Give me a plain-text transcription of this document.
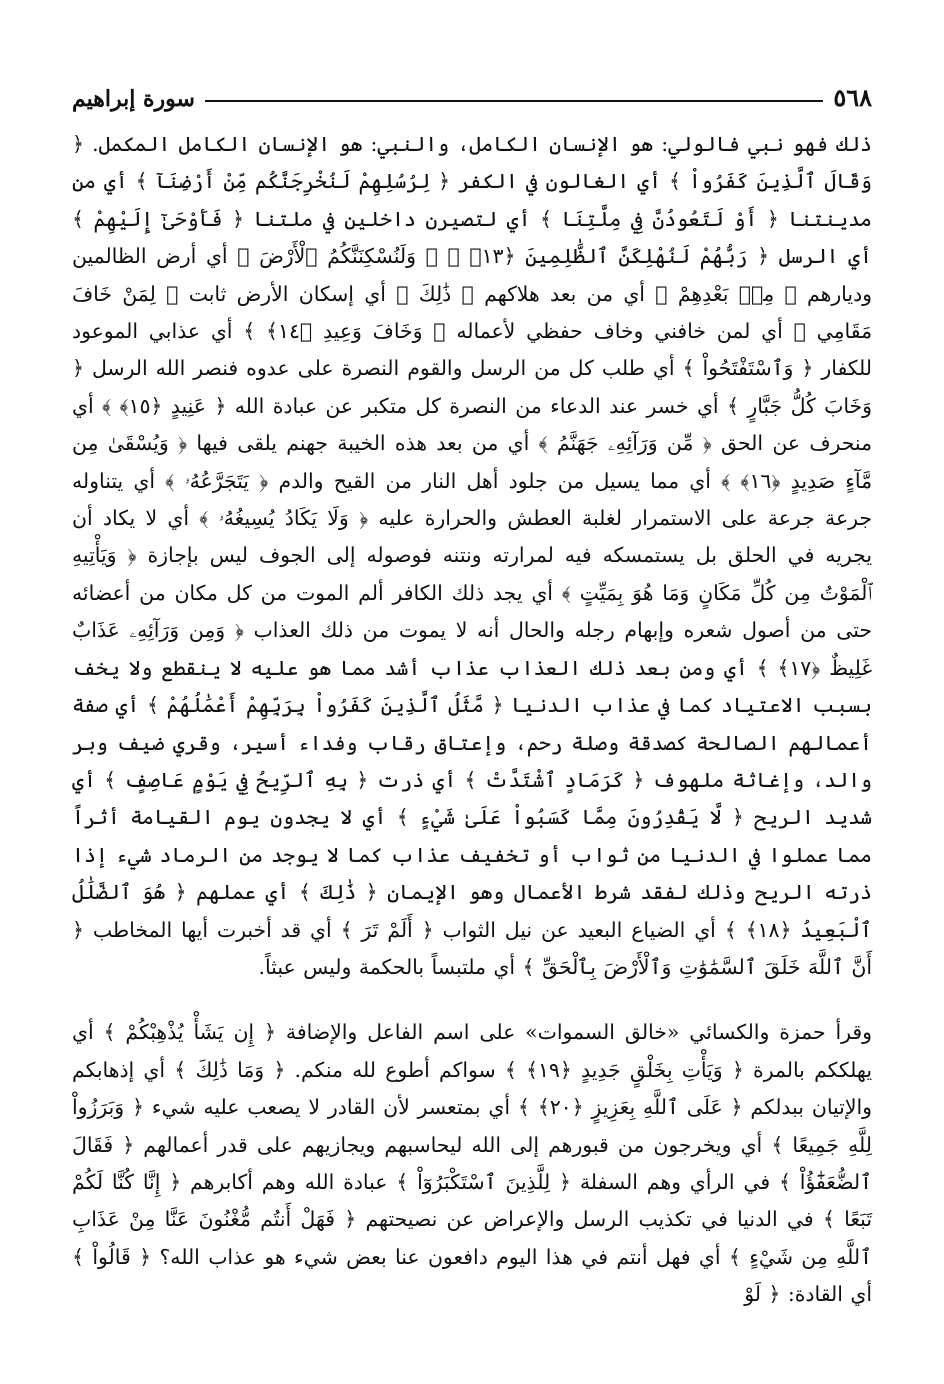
٥٦٨
سورة إبراهيم

ذلك فهو نبي فالولي: هو الإنسان الكامل، والنبي: هو الإنسان الكامل المكمل. ﴿ وَقَالَ ٱلَّذِينَ كَفَرُواْ ﴾ أي الغالون في الكفر ﴿ لِرُسُلِهِمْ لَنُخْرِجَنَّكُم مِّنْ أَرْضِنَآ ﴾ أي من مدينتنا ﴿ أَوْ لَتَعُودُنَّ فِي مِلَّتِنَا ﴾ أي لتصيرن داخلين في ملتنا ﴿ فَأَوْحَىٰٓ إِلَيْهِمْ ﴾ أي الرسل ﴿ رَبُّهُمْ لَنُهْلِكَنَّ ٱلظَّٰلِمِينَ ﴿١٣﴾ ﴾ ﴿ وَلَنُسْكِنَنَّكُمُ ٱلْأَرْضَ ﴾ أي أرض الظالمين وديارهم ﴿ مِنۢ بَعْدِهِمْ ﴾ أي من بعد هلاكهم ﴿ ذَٰلِكَ ﴾ أي إسكان الأرض ثابت ﴿ لِمَنْ خَافَ مَقَامِي ﴾ أي لمن خافني وخاف حفظي لأعماله ﴿ وَخَافَ وَعِيدِ ﴿١٤﴾ ﴾ أي عذابي الموعود للكفار ﴿ وَٱسْتَفْتَحُواْ ﴾ أي طلب كل من الرسل والقوم النصرة على عدوه فنصر الله الرسل ﴿ وَخَابَ كُلُّ جَبَّارٍ ﴾ أي خسر عند الدعاء من النصرة كل متكبر عن عبادة الله ﴿ عَنِيدٍ ﴿١٥﴾ ﴾ أي منحرف عن الحق ﴿ مِّن وَرَآئِهِۦ جَهَنَّمُ ﴾ أي من بعد هذه الخيبة جهنم يلقى فيها ﴿ وَيُسْقَىٰ مِن مَّآءٍ صَدِيدٍ ﴿١٦﴾ ﴾ أي مما يسيل من جلود أهل النار من القيح والدم ﴿ يَتَجَرَّعُهُۥ ﴾ أي يتناوله جرعة جرعة على الاستمرار لغلبة العطش والحرارة عليه ﴿ وَلَا يَكَادُ يُسِيغُهُۥ ﴾ أي لا يكاد أن يجريه في الحلق بل يستمسكه فيه لمرارته ونتنه فوصوله إلى الجوف ليس بإجازة ﴿ وَيَأْتِيهِ ٱلْمَوْتُ مِن كُلِّ مَكَانٍ وَمَا هُوَ بِمَيِّتٍ ﴾ أي يجد ذلك الكافر ألم الموت من كل مكان من أعضائه حتى من أصول شعره وإبهام رجله والحال أنه لا يموت من ذلك العذاب ﴿ وَمِن وَرَآئِهِۦ عَذَابٌ غَلِيظٌ ﴿١٧﴾ ﴾ أي ومن بعد ذلك العذاب عذاب أشد مما هو عليه لا ينقطع ولا يخف بسبب الاعتياد كما في عذاب الدنيا ﴿ مَّثَلُ ٱلَّذِينَ كَفَرُواْ بِرَبِّهِمْ أَعْمَٰلُهُمْ ﴾ أي صفة أعمالهم الصالحة كصدقة وصلة رحم، وإعتاق رقاب وفداء أسير، وقري ضيف وبر والد، وإغاثة ملهوف ﴿ كَرَمَادٍ ٱشْتَدَّتْ ﴾ أي ذرت ﴿ بِهِ ٱلرِّيحُ فِي يَوْمٍ عَاصِفٍ ﴾ أي شديد الريح ﴿ لَّا يَقْدِرُونَ مِمَّا كَسَبُواْ عَلَىٰ شَيْءٍ ﴾ أي لا يجدون يوم القيامة أثراً مما عملوا في الدنيا من ثواب أو تخفيف عذاب كما لا يوجد من الرماد شيء إذا ذرته الريح وذلك لفقد شرط الأعمال وهو الإيمان ﴿ ذَٰلِكَ ﴾ أي عملهم ﴿ هُوَ ٱلضَّلَٰلُ ٱلْبَعِيدُ ﴿١٨﴾ ﴾ أي الضياع البعيد عن نيل الثواب ﴿ أَلَمْ تَرَ ﴾ أي قد أخبرت أيها المخاطب ﴿ أَنَّ ٱللَّهَ خَلَقَ ٱلسَّمَٰوَٰتِ وَٱلْأَرْضَ بِٱلْحَقِّ ﴾ أي ملتبساً بالحكمة وليس عبثاً.

وقرأ حمزة والكسائي «خالق السموات» على اسم الفاعل والإضافة ﴿ إِن يَشَأْ يُذْهِبْكُمْ ﴾ أي يهلككم بالمرة ﴿ وَيَأْتِ بِخَلْقٍ جَدِيدٍ ﴿١٩﴾ ﴾ سواكم أطوع لله منكم. ﴿ وَمَا ذَٰلِكَ ﴾ أي إذهابكم والإتيان ببدلكم ﴿ عَلَى ٱللَّهِ بِعَزِيزٍ ﴿٢٠﴾ ﴾ أي بمتعسر لأن القادر لا يصعب عليه شيء ﴿ وَبَرَزُواْ لِلَّهِ جَمِيعًا ﴾ أي ويخرجون من قبورهم إلى الله ليحاسبهم ويجازيهم على قدر أعمالهم ﴿ فَقَالَ ٱلضُّعَفَٰٓؤُاْ ﴾ في الرأي وهم السفلة ﴿ لِلَّذِينَ ٱسْتَكْبَرُوٓاْ ﴾ عبادة الله وهم أكابرهم ﴿ إِنَّا كُنَّا لَكُمْ تَبَعًا ﴾ في الدنيا في تكذيب الرسل والإعراض عن نصيحتهم ﴿ فَهَلْ أَنتُم مُّغْنُونَ عَنَّا مِنْ عَذَابِ ٱللَّهِ مِن شَيْءٍ ﴾ أي فهل أنتم في هذا اليوم دافعون عنا بعض شيء هو عذاب الله؟ ﴿ قَالُواْ ﴾ أي القادة: ﴿ لَوْ
